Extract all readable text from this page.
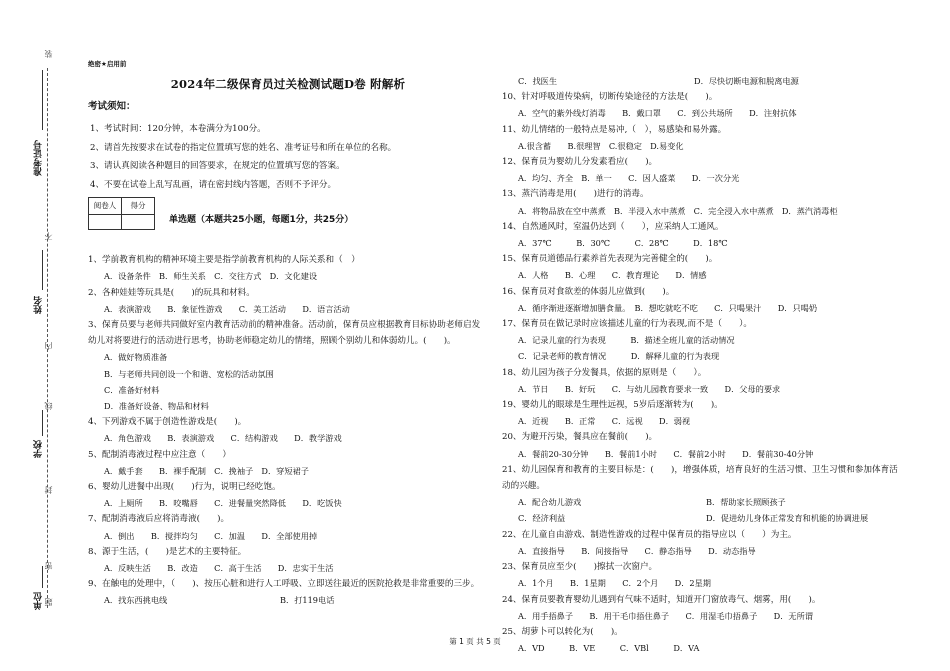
装
准考证号
不
姓名
内
线
学校
封
密
单位 题
绝密★启用前
2024年二级保育员过关检测试题D卷 附解析
考试须知：
1、考试时间：120分钟，本卷满分为100分。
2、请首先按要求在试卷的指定位置填写您的姓名、准考证号和所在单位的名称。
3、请认真阅读各种题目的回答要求，在规定的位置填写您的答案。
4、不要在试卷上乱写乱画，请在密封线内答题，否则不予评分。
阅卷人	得分

单选题（本题共25小题，每题1分，共25分）
1、学前教育机构的精神环境主要是指学前教育机构的人际关系和（　）
A．设备条件　B．师生关系　C．交往方式　D．文化建设
2、各种娃娃等玩具是(　　)的玩具和材料。
A．表演游戏　　B．象征性游戏　　C．美工活动　　D．语言活动
3、保育员要与老师共同做好室内教育活动前的精神准备。活动前，保育员应根据教育目标协助老师启发幼儿对将要进行的活动进行思考，协助老师稳定幼儿的情绪，照顾个别幼儿和体弱幼儿。(　　)。
A．做好物质准备
B．与老师共同创设一个和谐、宽松的活动氛围
C．准备好材料
D．准备好设备、物品和材料
4、下列游戏不属于创造性游戏是(　　)。
A．角色游戏　　B．表演游戏　　C．结构游戏　　D．教学游戏
5、配制消毒液过程中应注意（　　）
A．戴手套　　B．裸手配制　C．挽袖子　D．穿短裙子
6、婴幼儿进餐中出现(　　)行为，说明已经吃饱。
A．上厕所　　B．咬嘴唇　　C．进餐量突然降低　　D．吃饭快
7、配制消毒液后应将消毒液(　　)。
A．倒出　　B．搅拌均匀　　C．加温　　D．全部使用掉
8、源于生活，(　　)是艺术的主要特征。
A．反映生活　　B．改造　　C．高于生活　　D．忠实于生活
9、在触电的处理中，（　　)、按压心脏和进行人工呼吸、立即送往最近的医院抢救是非常重要的三步。
A．找东西挑电线	B．打119电话
C．找医生	D．尽快切断电源和脱离电源
10、针对呼吸道传染病，切断传染途径的方法是(　　)。
A．空气的紫外线灯消毒　　B．戴口罩　　C．到公共场所　　D．注射抗体
11、幼儿情绪的一般特点是易冲,（　），易感染和易外露。
A.很含蓄　　B.很理智　C.很稳定　D.易变化
12、保育员为婴幼儿分发素看应(　　)。
A．均匀、齐全　B．单一　　C．因人盛菜　　D．一次分光
13、蒸汽消毒是用(　　)进行的消毒。
A．将物品放在空中蒸煮　B．半浸入水中蒸煮　C．完全浸入水中蒸煮　D．蒸汽消毒柜
14、自然通风时，室温仍达到（　　），应采纳人工通风。
A．37℃　　　B．30℃　　　C．28℃　　　D．18℃
15、保育员道德品行素养首先表现为完善健全的(　　)。
A．人格　　B．心理　　C．教育理论　　D．情感
16、保育员对食欲差的体弱儿应做到(　　)。
A．循序渐进逐渐增加膳食量。　B．想吃就吃不吃　　C．只喝果汁　　D．只喝奶
17、保育员在做记录时应该描述儿童的行为表现,而不是（　　）。
A．记录儿童的行为表现　　　B．描述全班儿童的活动情况
C．记录老师的教育情况　　　D．解释儿童的行为表现
18、幼儿园为孩子分发餐具，依据的原则是（　　）。
A．节日　　B．好玩　　C．与幼儿园教育要求一致　　D．父母的要求
19、婴幼儿的眼球是生理性远视，5岁后逐渐转为(　　)。
A．近视　　B．正常　　C．远视　　D．弱视
20、为避开污染，餐具应在餐前(　　)。
A．餐前20-30分钟　　B．餐前1小时　　C．餐前2小时　　D．餐前30-40分钟
21、幼儿园保育和教育的主要目标是：(　　)，增强体质，培育良好的生活习惯、卫生习惯和参加体育活动的兴趣。
A．配合幼儿游戏	B．帮助家长照顾孩子
C．经济利益	D．促进幼儿身体正常发育和机能的协调进展
22、在儿童自由游戏、制造性游戏的过程中保育员的指导应以（　　）为主。
A．直接指导　　B．间接指导　　C．静态指导　　D．动态指导
23、保育员应至少(　　)擦拭一次窗户。
A．1个月　　B．1星期　　C．2个月　　D．2星期
24、保育员要教育婴幼儿遇到有气味不适时，知道开门窗放毒气、烟雾，用(　　)。
A．用手捂鼻子　　B．用干毛巾捂住鼻子　　C．用湿毛巾捂鼻子　　D．无所谓
25、胡萝卜可以转化为(　　)。
A．VD　　　B．VE　　　C．VBl　　　D．VA
第 1 页 共 5 页
